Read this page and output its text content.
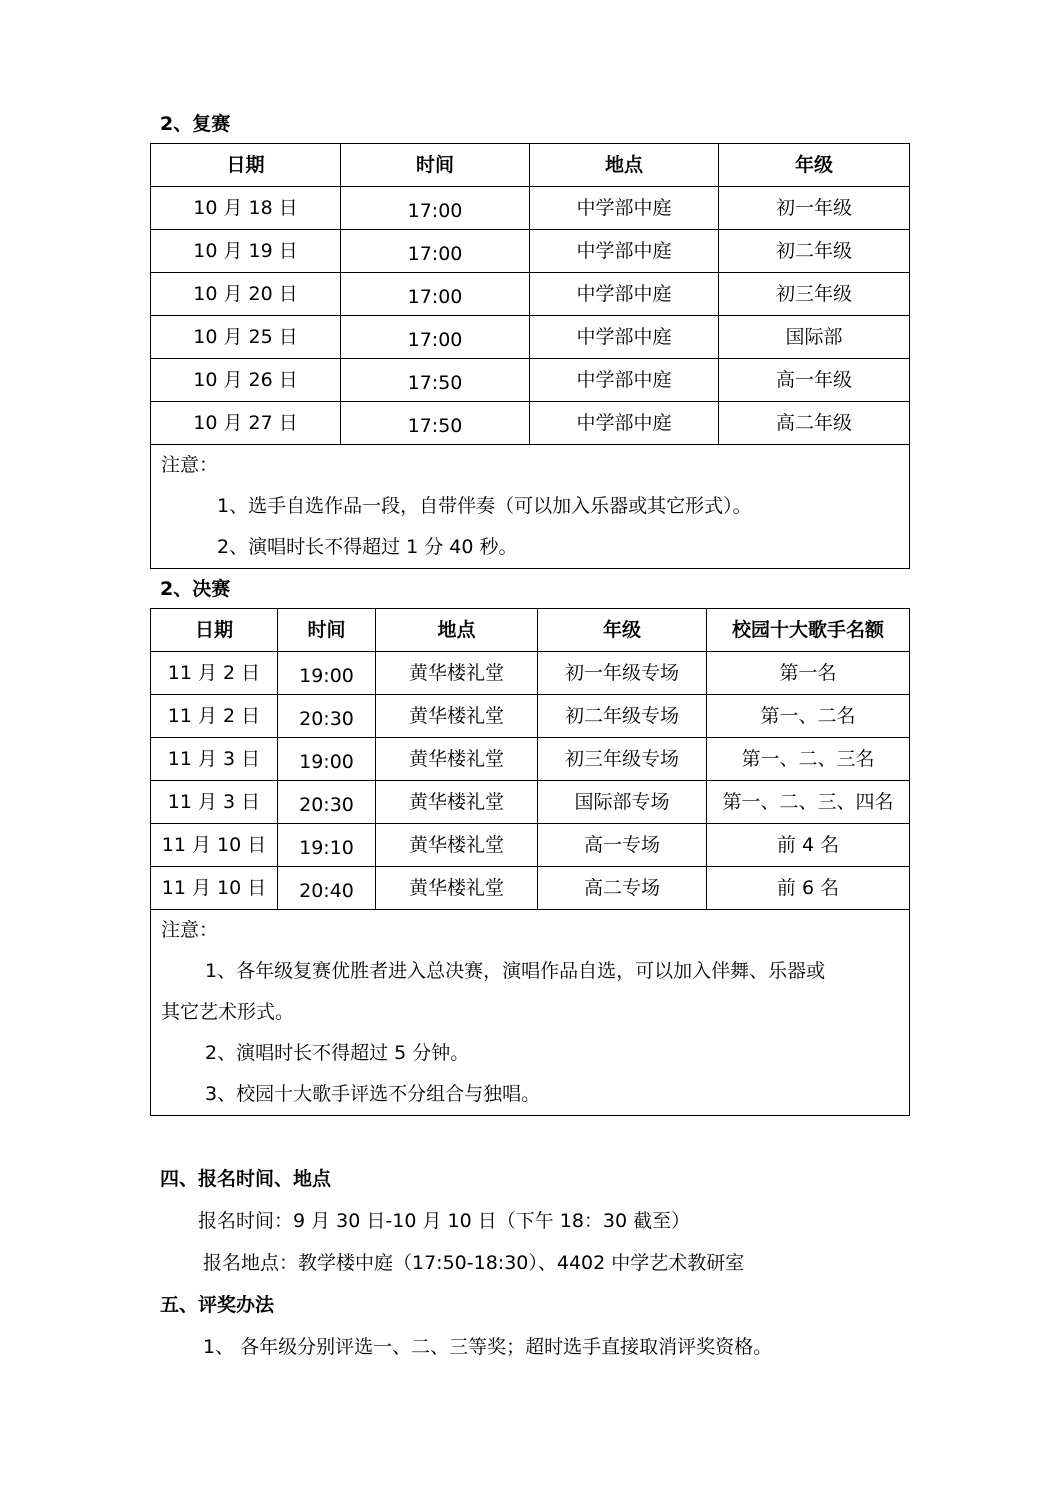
2、复赛
日期	时间	地点	年级
10 月 18 日	17:00	中学部中庭	初一年级
10 月 19 日	17:00	中学部中庭	初二年级
10 月 20 日	17:00	中学部中庭	初三年级
10 月 25 日	17:00	中学部中庭	国际部
10 月 26 日	17:50	中学部中庭	高一年级
10 月 27 日	17:50	中学部中庭	高二年级

注意：
1、选手自选作品一段，自带伴奏（可以加入乐器或其它形式）。
2、演唱时长不得超过 1 分 40 秒。			
2、决赛
日期	时间	地点	年级	校园十大歌手名额
11 月 2 日	19:00	黄华楼礼堂	初一年级专场	第一名
11 月 2 日	20:30	黄华楼礼堂	初二年级专场	第一、二名
11 月 3 日	19:00	黄华楼礼堂	初三年级专场	第一、二、三名
11 月 3 日	20:30	黄华楼礼堂	国际部专场	第一、二、三、四名

11 月 10 日	19:10	黄华楼礼堂	高一专场	前 4 名
11 月 10 日	20:40	黄华楼礼堂	高二专场	前 6 名

注意：
1、各年级复赛优胜者进入总决赛，演唱作品自选，可以加入伴舞、乐器或
其它艺术形式。
2、演唱时长不得超过 5 分钟。
3、校园十大歌手评选不分组合与独唱。				
四、报名时间、地点
报名时间：9 月 30 日-10 月 10 日（下午 18：30 截至）
报名地点：教学楼中庭（17:50-18:30）、4402 中学艺术教研室
五、评奖办法
1、 各年级分别评选一、二、三等奖；超时选手直接取消评奖资格。
